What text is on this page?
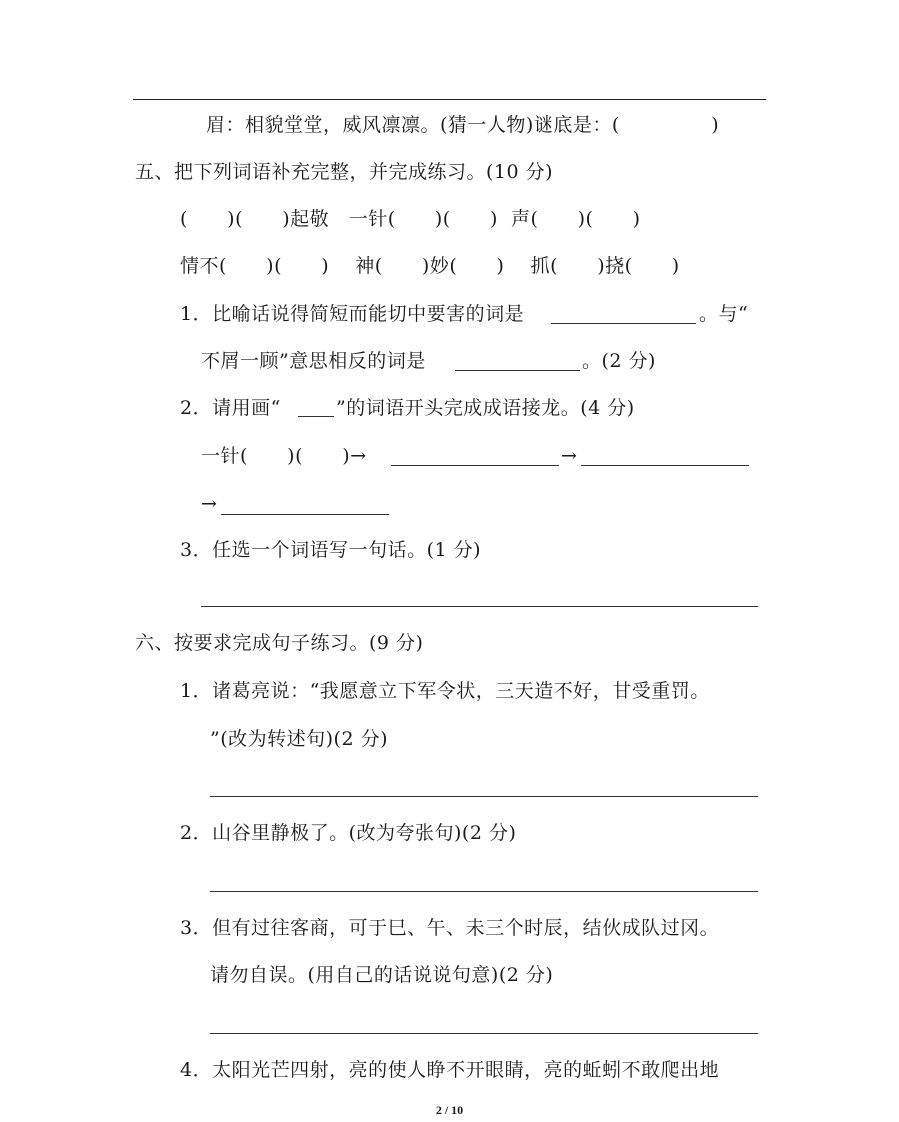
眉：相貌堂堂，威风凛凛。(猜一人物)谜底是：(              )
五、把下列词语补充完整，并完成练习。(10 分)
(      )(      )起敬   一针(      )(      )  声(      )(      )
情不(      )(      )    神(      )妙(      )    抓(      )挠(      )
1．比喻话说得简短而能切中要害的词是	。与“
不屑一顾”意思相反的词是	。(2 分)
2．请用画“	”的词语开头完成成语接龙。(4 分)
一针(      )(      )→	→
→
3．任选一个词语写一句话。(1 分)
六、按要求完成句子练习。(9 分)
1．诸葛亮说：“我愿意立下军令状，三天造不好，甘受重罚。
”(改为转述句)(2 分)
2．山谷里静极了。(改为夸张句)(2 分)
3．但有过往客商，可于巳、午、未三个时辰，结伙成队过冈。
请勿自误。(用自己的话说说句意)(2 分)
4．太阳光芒四射，亮的使人睁不开眼睛，亮的蚯蚓不敢爬出地
2 / 10
